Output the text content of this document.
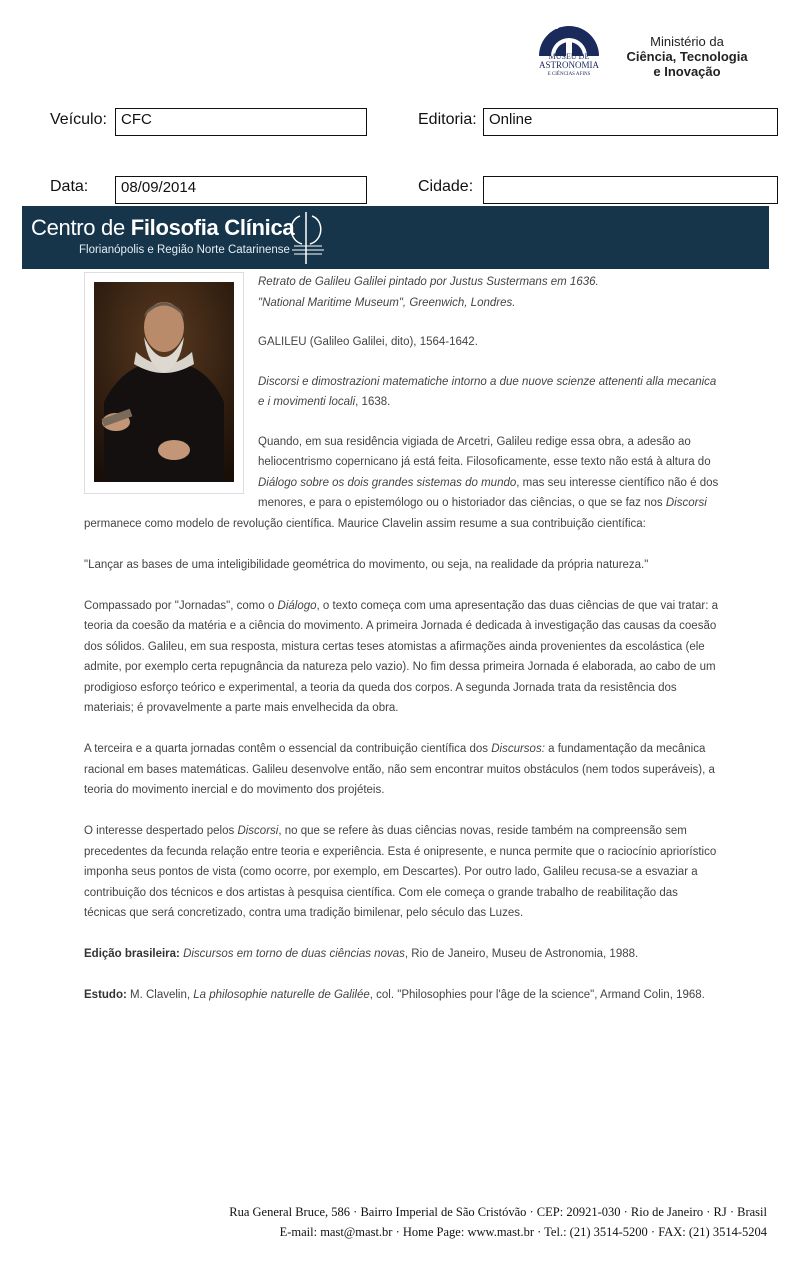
MUSEU DE
ASTRONOMIA
E CIÊNCIAS AFINS
Ministério da
Ciência, Tecnologia
e Inovação
Veículo: CFC	Editoria: Online
Data:	08/09/2014	Cidade:
Centro de Filosofia Clínica
Florianópolis e Região Norte Catarinense

Retrato de Galileu Galilei pintado por Justus Sustermans em 1636.
"National Maritime Museum", Greenwich, Londres.

GALILEU (Galileo Galilei, dito), 1564-1642.

Discorsi e dimostrazioni matematiche intorno a due nuove scienze attenenti alla mecanica e i movimenti locali, 1638.

Quando, em sua residência vigiada de Arcetri, Galileu redige essa obra, a adesão ao heliocentrismo copernicano já está feita. Filosoficamente, esse texto não está à altura do Diálogo sobre os dois grandes sistemas do mundo, mas seu interesse científico não é dos menores, e para o epistemólogo ou o historiador das ciências, o que se faz nos Discorsi permanece como modelo de revolução científica. Maurice Clavelin assim resume a sua contribuição científica:

"Lançar as bases de uma inteligibilidade geométrica do movimento, ou seja, na realidade da própria natureza."

Compassado por "Jornadas", como o Diálogo, o texto começa com uma apresentação das duas ciências de que vai tratar: a teoria da coesão da matéria e a ciência do movimento. A primeira Jornada é dedicada à investigação das causas da coesão dos sólidos. Galileu, em sua resposta, mistura certas teses atomistas a afirmações ainda provenientes da escolástica (ele admite, por exemplo certa repugnância da natureza pelo vazio). No fim dessa primeira Jornada é elaborada, ao cabo de um prodigioso esforço teórico e experimental, a teoria da queda dos corpos. A segunda Jornada trata da resistência dos materiais; é provavelmente a parte mais envelhecida da obra.

A terceira e a quarta jornadas contêm o essencial da contribuição científica dos Discursos: a fundamentação da mecânica racional em bases matemáticas. Galileu desenvolve então, não sem encontrar muitos obstáculos (nem todos superáveis), a teoria do movimento inercial e do movimento dos projéteis.

O interesse despertado pelos Discorsi, no que se refere às duas ciências novas, reside também na compreensão sem precedentes da fecunda relação entre teoria e experiência. Esta é onipresente, e nunca permite que o raciocínio apriorístico imponha seus pontos de vista (como ocorre, por exemplo, em Descartes). Por outro lado, Galileu recusa-se a esvaziar a contribuição dos técnicos e dos artistas à pesquisa científica. Com ele começa o grande trabalho de reabilitação das técnicas que será concretizado, contra uma tradição bimilenar, pelo século das Luzes.

Edição brasileira: Discursos em torno de duas ciências novas, Rio de Janeiro, Museu de Astronomia, 1988.

Estudo: M. Clavelin, La philosophie naturelle de Galilée, col. "Philosophies pour l'âge de la science", Armand Colin, 1968.

Rua General Bruce, 586 · Bairro Imperial de São Cristóvão · CEP: 20921-030 · Rio de Janeiro · RJ · Brasil
E-mail: mast@mast.br · Home Page: www.mast.br · Tel.: (21) 3514-5200 · FAX: (21) 3514-5204
